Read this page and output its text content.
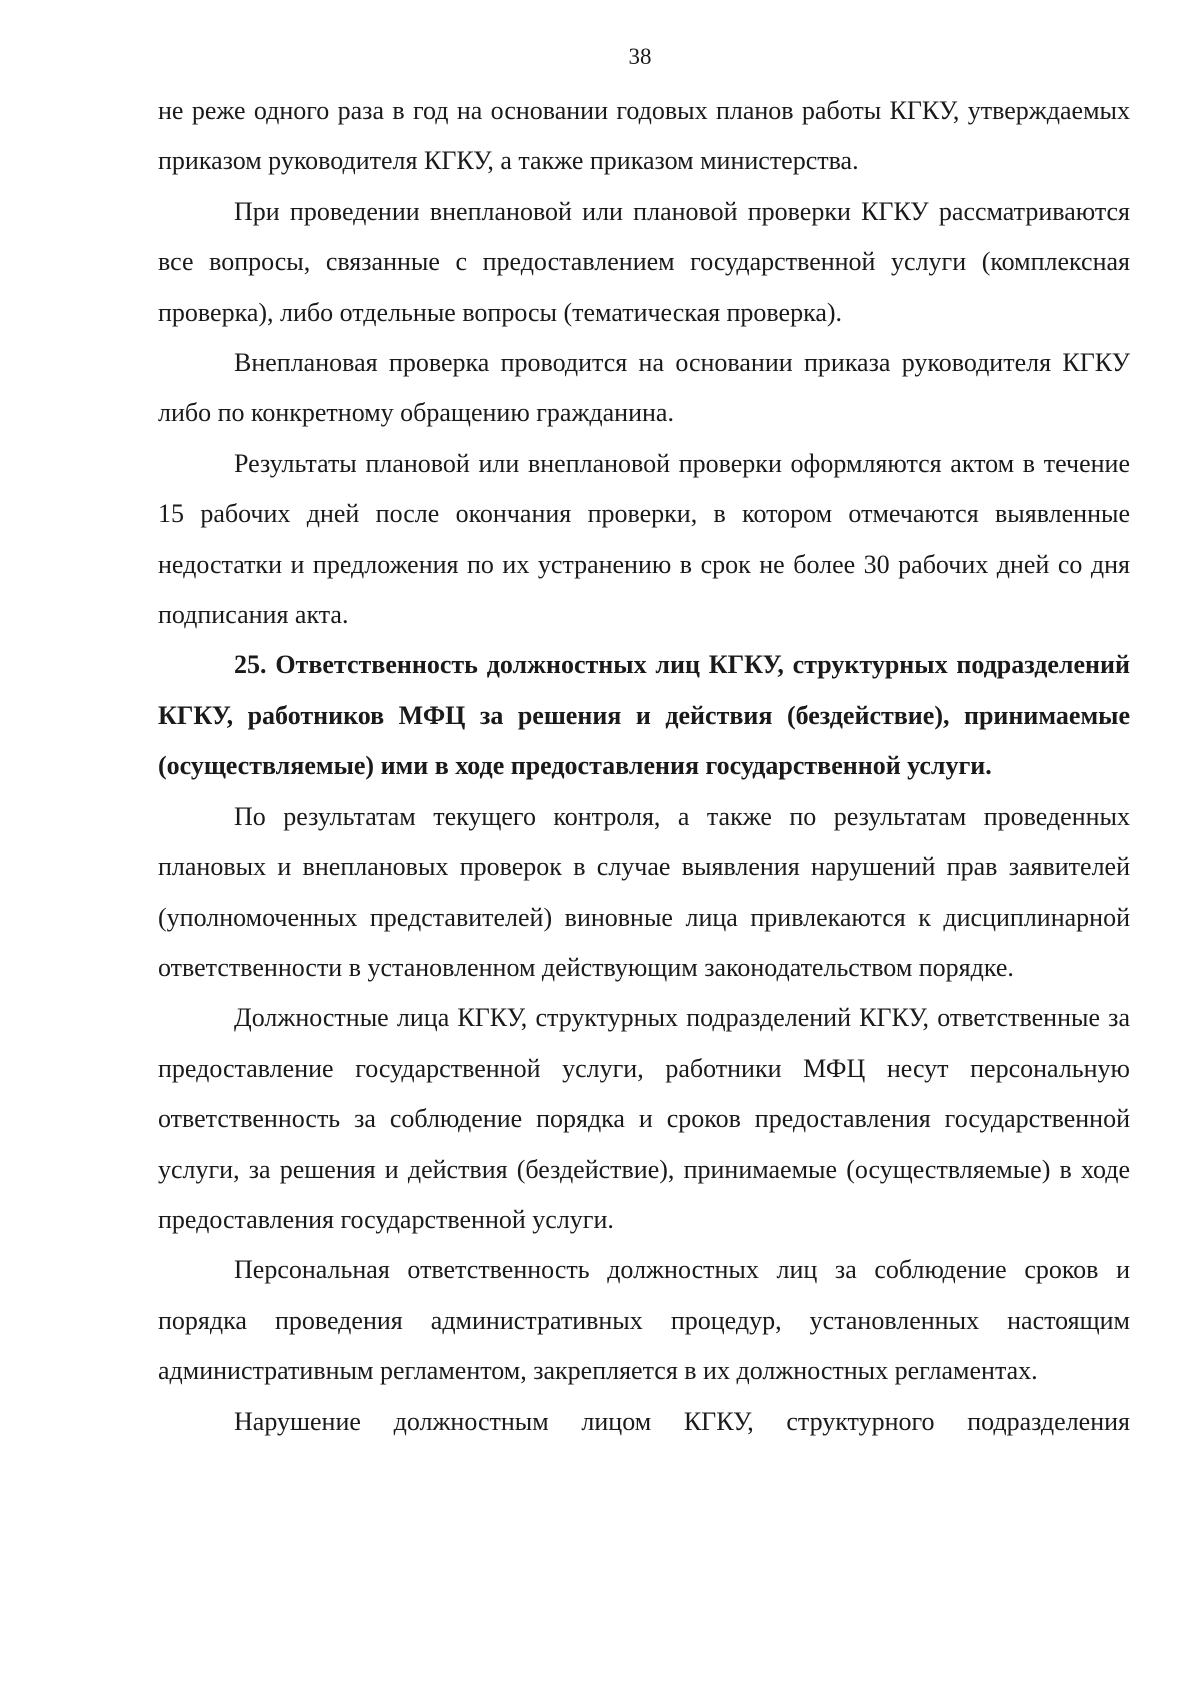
38

не реже одного раза в год на основании годовых планов работы КГКУ, утверждаемых приказом руководителя КГКУ, а также приказом министерства.

При проведении внеплановой или плановой проверки КГКУ рассматриваются все вопросы, связанные с предоставлением государственной услуги (комплексная проверка), либо отдельные вопросы (тематическая проверка).

Внеплановая проверка проводится на основании приказа руководителя КГКУ либо по конкретному обращению гражданина.

Результаты плановой или внеплановой проверки оформляются актом в течение 15 рабочих дней после окончания проверки, в котором отмечаются выявленные недостатки и предложения по их устранению в срок не более 30 рабочих дней со дня подписания акта.

25. Ответственность должностных лиц КГКУ, структурных подразделений КГКУ, работников МФЦ за решения и действия (бездействие), принимаемые (осуществляемые) ими в ходе предоставления государственной услуги.

По результатам текущего контроля, а также по результатам проведенных плановых и внеплановых проверок в случае выявления нарушений прав заявителей (уполномоченных представителей) виновные лица привлекаются к дисциплинарной ответственности в установленном действующим законодательством порядке.

Должностные лица КГКУ, структурных подразделений КГКУ, ответственные за предоставление государственной услуги, работники МФЦ несут персональную ответственность за соблюдение порядка и сроков предоставления государственной услуги, за решения и действия (бездействие), принимаемые (осуществляемые) в ходе предоставления государственной услуги.

Персональная ответственность должностных лиц за соблюдение сроков и порядка проведения административных процедур, установленных настоящим административным регламентом, закрепляется в их должностных регламентах.

Нарушение должностным лицом КГКУ, структурного подразделения
